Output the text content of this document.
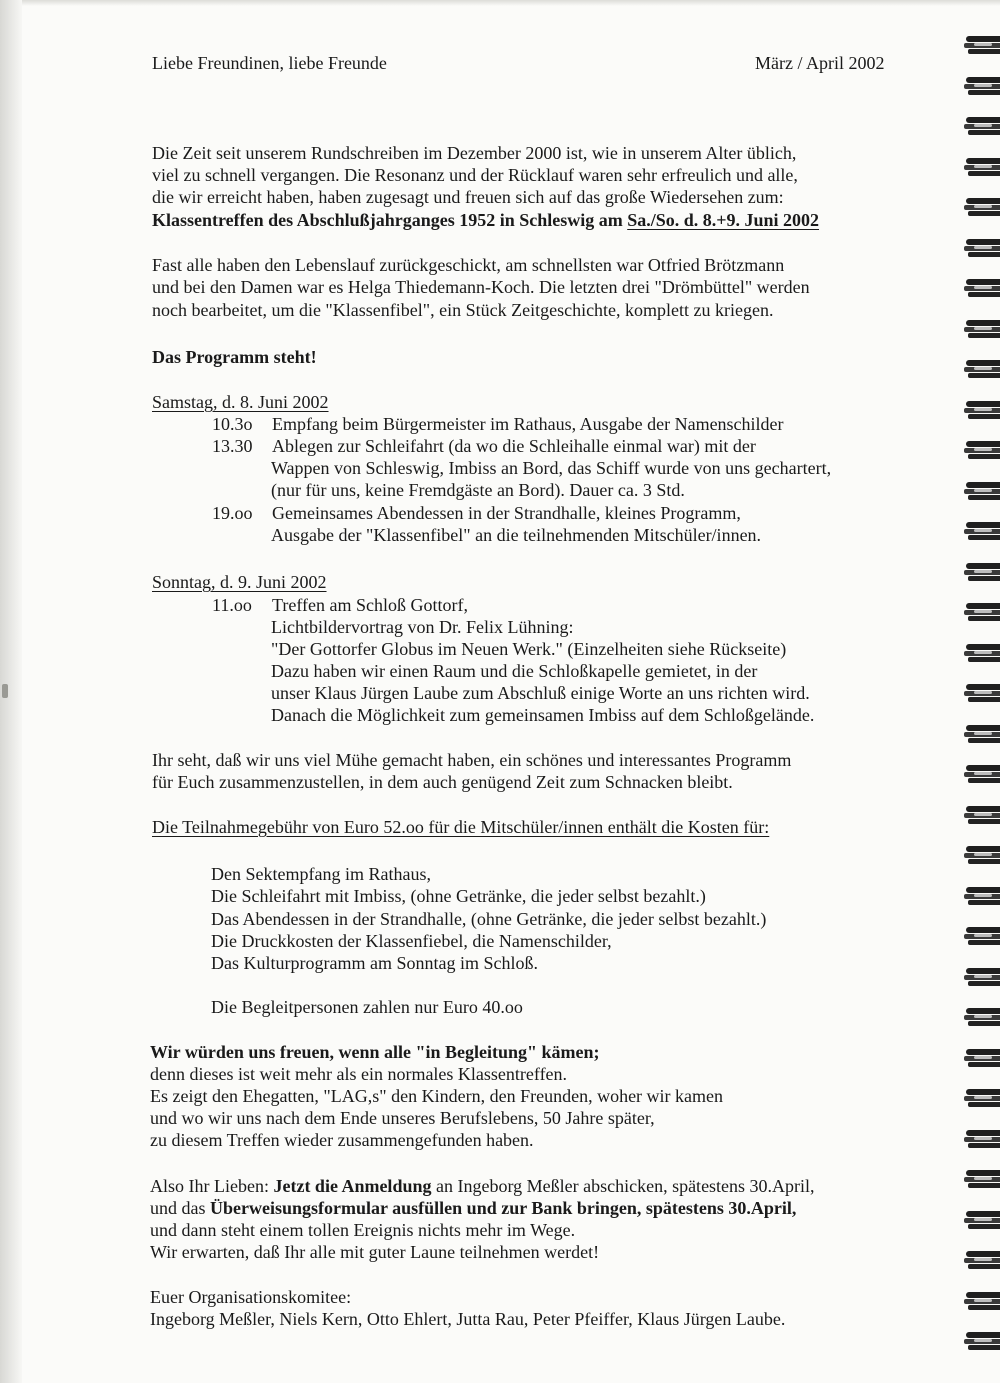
Liebe Freundinen, liebe Freunde	März / April 2002
Die Zeit seit unserem Rundschreiben im Dezember 2000 ist, wie in unserem Alter üblich,
viel zu schnell vergangen. Die Resonanz und der Rücklauf waren sehr erfreulich und alle,
die wir erreicht haben, haben zugesagt und freuen sich auf das große Wiedersehen zum:
Klassentreffen des Abschlußjahrganges 1952 in Schleswig am Sa./So. d. 8.+9. Juni 2002
Fast alle haben den Lebenslauf zurückgeschickt, am schnellsten war Otfried Brötzmann
und bei den Damen war es Helga Thiedemann-Koch. Die letzten drei "Drömbüttel" werden
noch bearbeitet, um die "Klassenfibel", ein Stück Zeitgeschichte, komplett zu kriegen.
Das Programm steht!
Samstag, d. 8. Juni 2002
10.3o Empfang beim Bürgermeister im Rathaus, Ausgabe der Namenschilder
13.30 Ablegen zur Schleifahrt (da wo die Schleihalle einmal war) mit der
Wappen von Schleswig, Imbiss an Bord, das Schiff wurde von uns gechartert,
(nur für uns, keine Fremdgäste an Bord). Dauer ca. 3 Std.
19.oo Gemeinsames Abendessen in der Strandhalle, kleines Programm,
Ausgabe der "Klassenfibel" an die teilnehmenden Mitschüler/innen.
Sonntag, d. 9. Juni 2002
11.oo Treffen am Schloß Gottorf,
Lichtbildervortrag von Dr. Felix Lühning:
"Der Gottorfer Globus im Neuen Werk." (Einzelheiten siehe Rückseite)
Dazu haben wir einen Raum und die Schloßkapelle gemietet, in der
unser Klaus Jürgen Laube zum Abschluß einige Worte an uns richten wird.
Danach die Möglichkeit zum gemeinsamen Imbiss auf dem Schloßgelände.
Ihr seht, daß wir uns viel Mühe gemacht haben, ein schönes und interessantes Programm
für Euch zusammenzustellen, in dem auch genügend Zeit zum Schnacken bleibt.
Die Teilnahmegebühr von Euro 52.oo für die Mitschüler/innen enthält die Kosten für:
Den Sektempfang im Rathaus,
Die Schleifahrt mit Imbiss, (ohne Getränke, die jeder selbst bezahlt.)
Das Abendessen in der Strandhalle, (ohne Getränke, die jeder selbst bezahlt.)
Die Druckkosten der Klassenfiebel, die Namenschilder,
Das Kulturprogramm am Sonntag im Schloß.
Die Begleitpersonen zahlen nur Euro 40.oo
Wir würden uns freuen, wenn alle "in Begleitung" kämen;
denn dieses ist weit mehr als ein normales Klassentreffen.
Es zeigt den Ehegatten, "LAG,s" den Kindern, den Freunden, woher wir kamen
und wo wir uns nach dem Ende unseres Berufslebens, 50 Jahre später,
zu diesem Treffen wieder zusammengefunden haben.
Also Ihr Lieben: Jetzt die Anmeldung an Ingeborg Meßler abschicken, spätestens 30.April,
und das Überweisungsformular ausfüllen und zur Bank bringen, spätestens 30.April,
und dann steht einem tollen Ereignis nichts mehr im Wege.
Wir erwarten, daß Ihr alle mit guter Laune teilnehmen werdet!
Euer Organisationskomitee:
Ingeborg Meßler, Niels Kern, Otto Ehlert, Jutta Rau, Peter Pfeiffer, Klaus Jürgen Laube.
